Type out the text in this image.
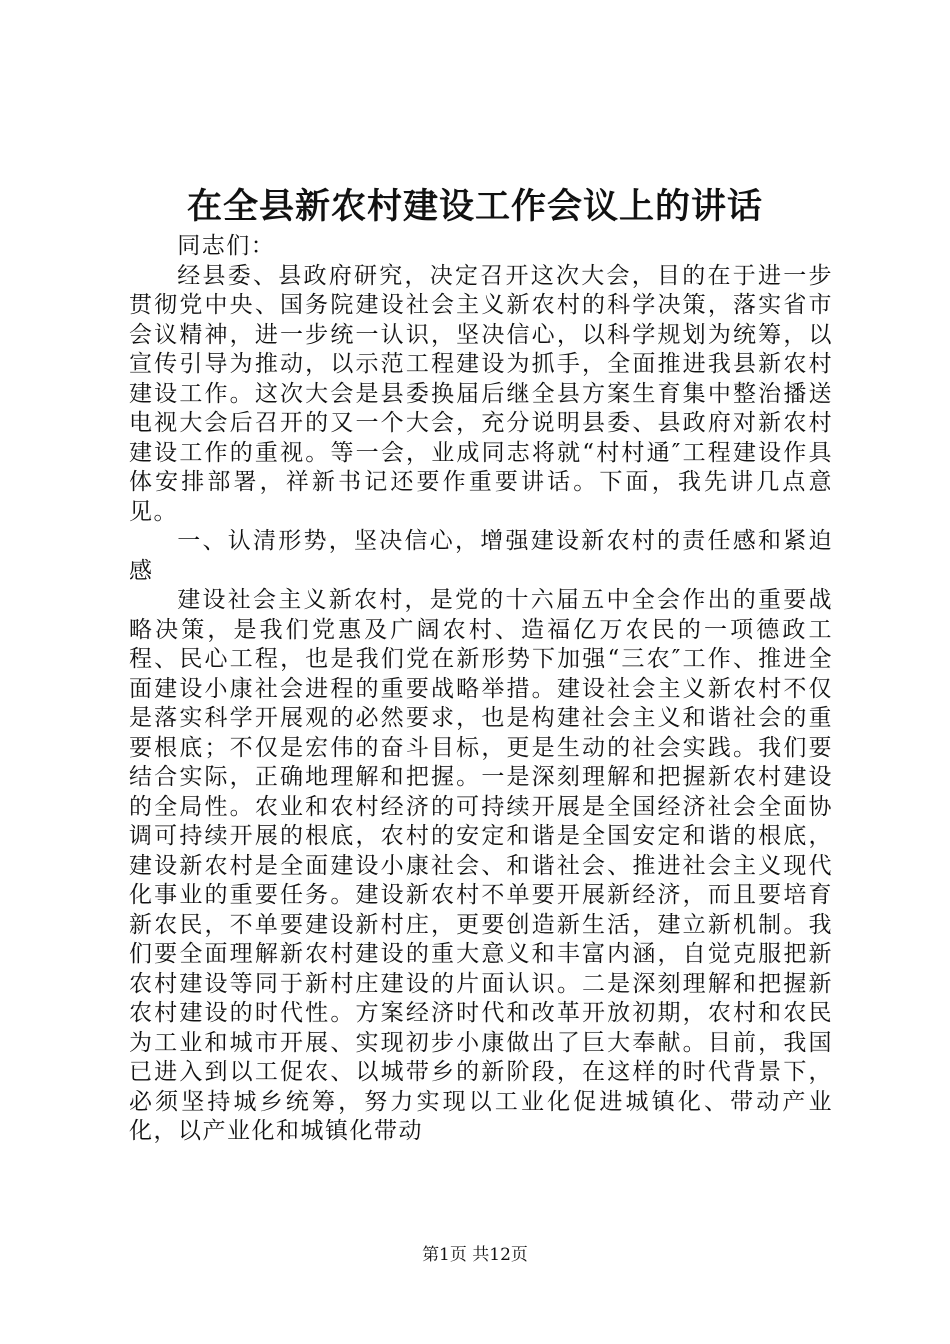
在全县新农村建设工作会议上的讲话

同志们：

经县委、县政府研究，决定召开这次大会，目的在于进一步贯彻党中央、国务院建设社会主义新农村的科学决策，落实省市会议精神，进一步统一认识，坚决信心，以科学规划为统筹，以宣传引导为推动，以示范工程建设为抓手，全面推进我县新农村建设工作。这次大会是县委换届后继全县方案生育集中整治播送电视大会后召开的又一个大会，充分说明县委、县政府对新农村建设工作的重视。等一会，业成同志将就“村村通″工程建设作具体安排部署，祥新书记还要作重要讲话。下面，我先讲几点意见。

一、认清形势，坚决信心，增强建设新农村的责任感和紧迫感

建设社会主义新农村，是党的十六届五中全会作出的重要战略决策，是我们党惠及广阔农村、造福亿万农民的一项德政工程、民心工程，也是我们党在新形势下加强“三农″工作、推进全面建设小康社会进程的重要战略举措。建设社会主义新农村不仅是落实科学开展观的必然要求，也是构建社会主义和谐社会的重要根底；不仅是宏伟的奋斗目标，更是生动的社会实践。我们要结合实际，正确地理解和把握。一是深刻理解和把握新农村建设的全局性。农业和农村经济的可持续开展是全国经济社会全面协调可持续开展的根底，农村的安定和谐是全国安定和谐的根底，建设新农村是全面建设小康社会、和谐社会、推进社会主义现代化事业的重要任务。建设新农村不单要开展新经济，而且要培育新农民，不单要建设新村庄，更要创造新生活，建立新机制。我们要全面理解新农村建设的重大意义和丰富内涵，自觉克服把新农村建设等同于新村庄建设的片面认识。二是深刻理解和把握新农村建设的时代性。方案经济时代和改革开放初期，农村和农民为工业和城市开展、实现初步小康做出了巨大奉献。目前，我国已进入到以工促农、以城带乡的新阶段，在这样的时代背景下，必须坚持城乡统筹，努力实现以工业化促进城镇化、带动产业化，以产业化和城镇化带动

第1页 共12页
